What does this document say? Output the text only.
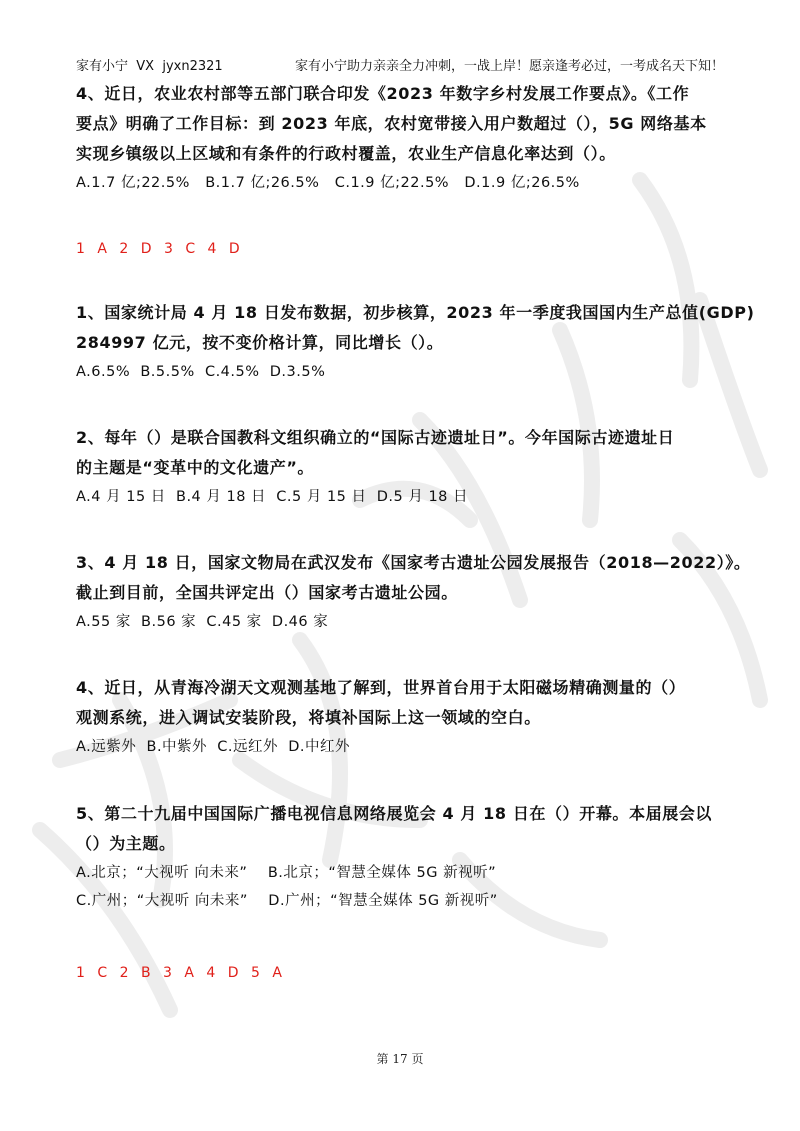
家有小宁  VX  jyxn2321	家有小宁助力亲亲全力冲刺，一战上岸！愿亲逢考必过，一考成名天下知！
4、近日，农业农村部等五部门联合印发《2023 年数字乡村发展工作要点》。《工作
要点》明确了工作目标：到 2023 年底，农村宽带接入用户数超过（），5G 网络基本
实现乡镇级以上区域和有条件的行政村覆盖，农业生产信息化率达到（）。
A.1.7 亿;22.5%   B.1.7 亿;26.5%   C.1.9 亿;22.5%   D.1.9 亿;26.5%
1 A 2 D 3 C 4 D
1、国家统计局 4 月 18 日发布数据，初步核算，2023 年一季度我国国内生产总值(GDP)
284997 亿元，按不变价格计算，同比增长（）。
A.6.5%  B.5.5%  C.4.5%  D.3.5%
2、每年（）是联合国教科文组织确立的“国际古迹遗址日”。今年国际古迹遗址日
的主题是“变革中的文化遗产”。
A.4 月 15 日  B.4 月 18 日  C.5 月 15 日  D.5 月 18 日
3、4 月 18 日，国家文物局在武汉发布《国家考古遗址公园发展报告（2018—2022）》。
截止到目前，全国共评定出（）国家考古遗址公园。
A.55 家  B.56 家  C.45 家  D.46 家
4、近日，从青海冷湖天文观测基地了解到，世界首台用于太阳磁场精确测量的（）
观测系统，进入调试安装阶段，将填补国际上这一领域的空白。
A.远紫外  B.中紫外  C.远红外  D.中红外
5、第二十九届中国国际广播电视信息网络展览会 4 月 18 日在（）开幕。本届展会以
（）为主题。
A.北京；“大视听 向未来”    B.北京；“智慧全媒体 5G 新视听”
C.广州；“大视听 向未来”    D.广州；“智慧全媒体 5G 新视听”
1 C 2 B 3 A 4 D 5 A
第 17 页
